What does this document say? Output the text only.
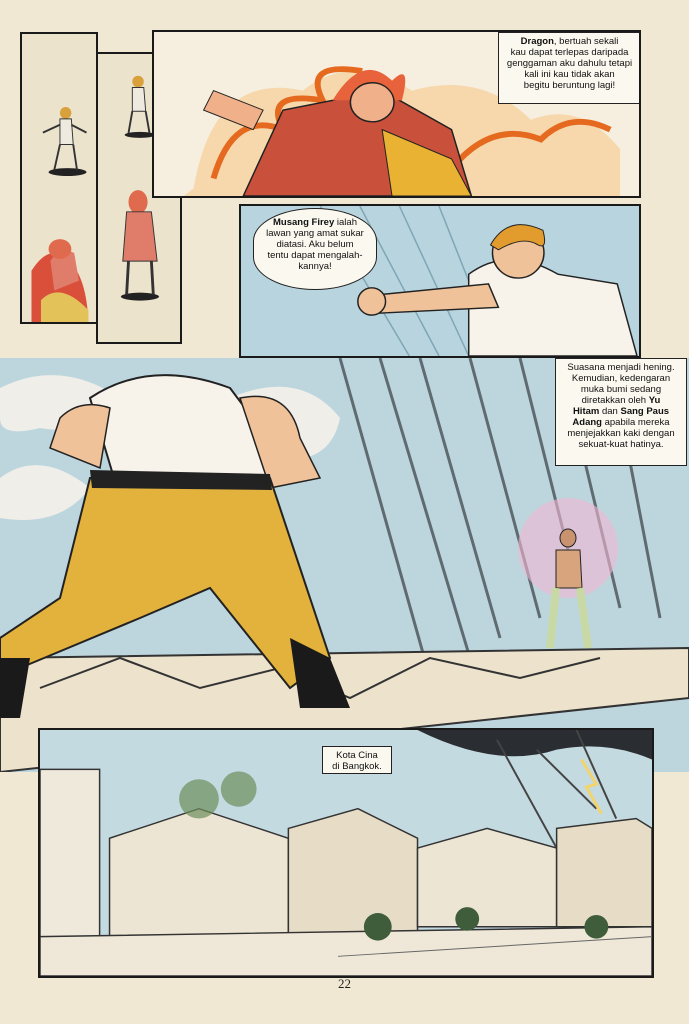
Dragon, bertuah sekali
kau dapat terlepas daripada
genggaman aku dahulu tetapi
kali ini kau tidak akan
begitu beruntung lagi!
Musang Firey ialah
lawan yang amat sukar
diatasi. Aku belum
tentu dapat mengalah-
kannya!
Suasana menjadi hening.
Kemudian, kedengaran
muka bumi sedang
diretakkan oleh Yu
Hitam dan Sang Paus
Adang apabila mereka
menjejakkan kaki dengan
sekuat-kuat hatinya.
Kota Cina
di Bangkok.
22
